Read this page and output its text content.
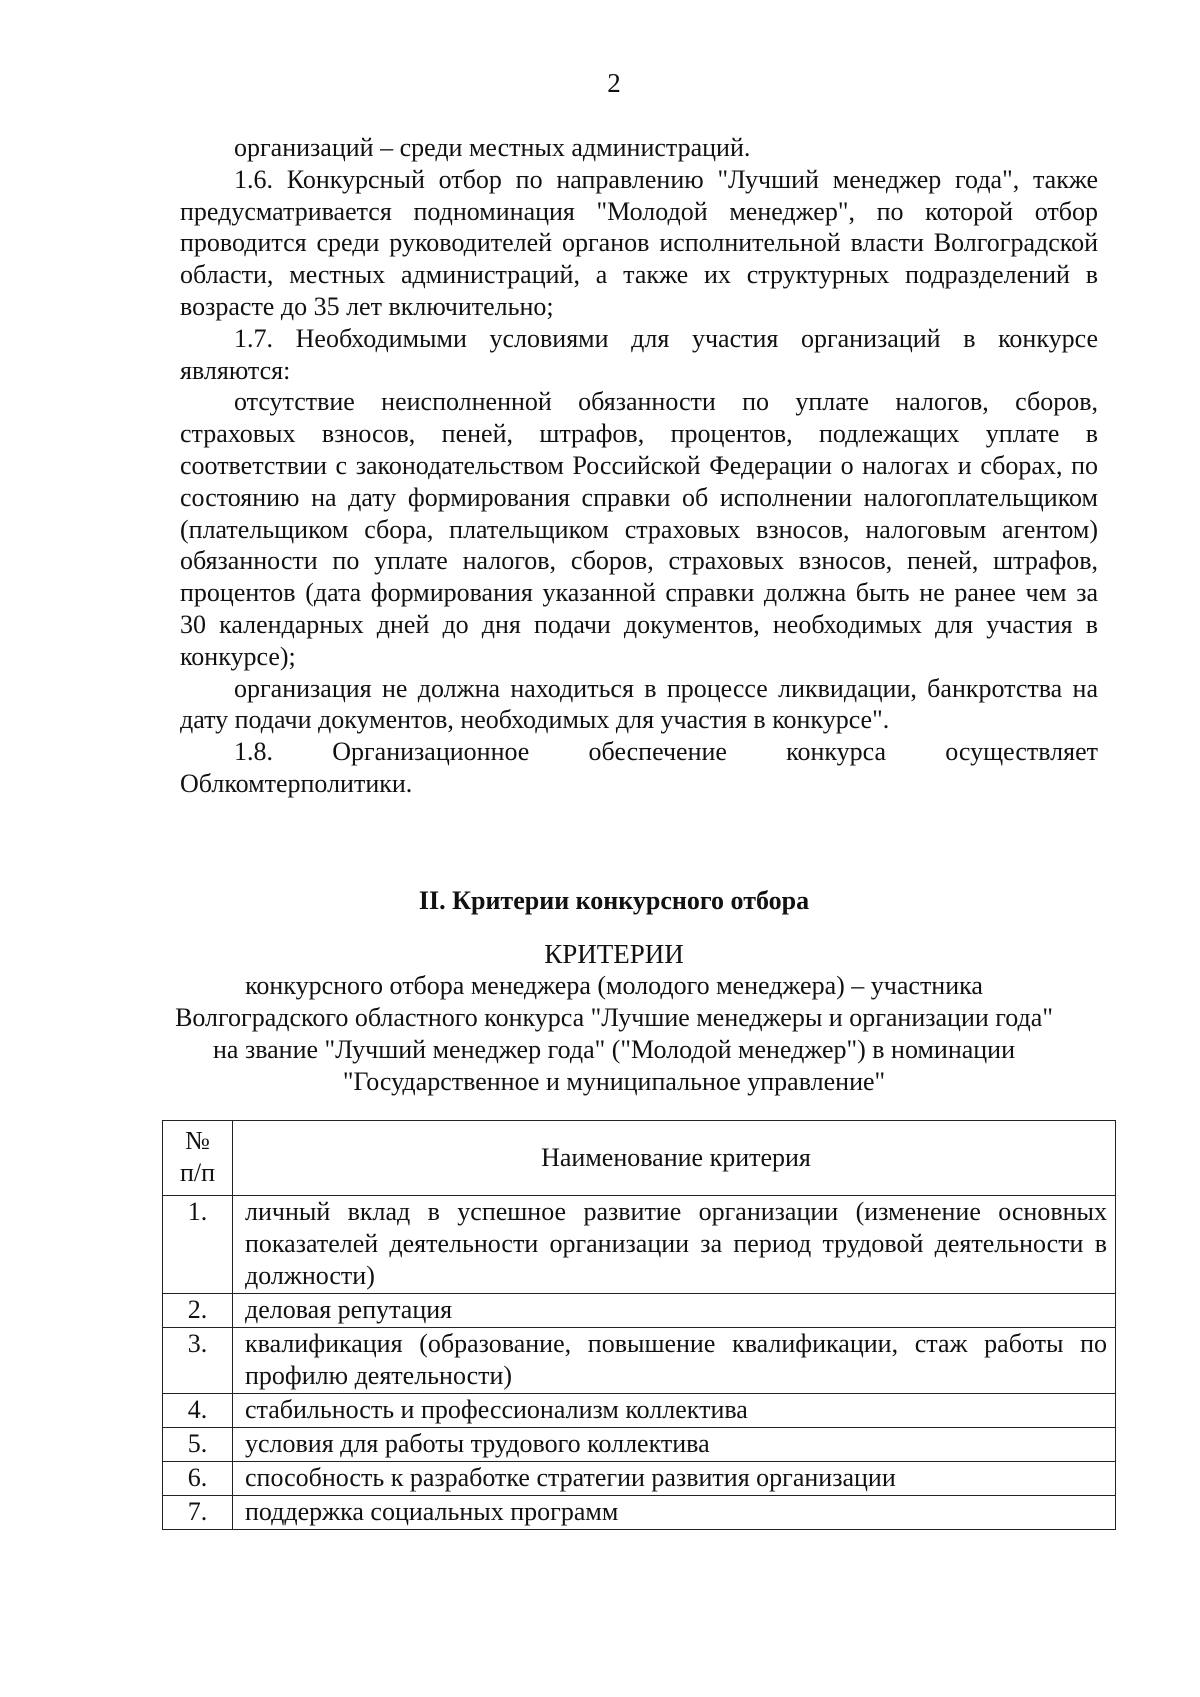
2

организаций – среди местных администраций.

1.6. Конкурсный отбор по направлению "Лучший менеджер года", также предусматривается подноминация "Молодой менеджер", по которой отбор проводится среди руководителей органов исполнительной власти Волгоградской области, местных администраций, а также их структурных подразделений в возрасте до 35 лет включительно;

1.7. Необходимыми условиями для участия организаций в конкурсе являются:

отсутствие неисполненной обязанности по уплате налогов, сборов, страховых взносов, пеней, штрафов, процентов, подлежащих уплате в соответствии с законодательством Российской Федерации о налогах и сборах, по состоянию на дату формирования справки об исполнении налогоплательщиком (плательщиком сбора, плательщиком страховых взносов, налоговым агентом) обязанности по уплате налогов, сборов, страховых взносов, пеней, штрафов, процентов (дата формирования указанной справки должна быть не ранее чем за 30 календарных дней до дня подачи документов, необходимых для участия в конкурсе);

организация не должна находиться в процессе ликвидации, банкротства на дату подачи документов, необходимых для участия в конкурсе".

1.8. Организационное обеспечение конкурса осуществляет Облкомтерполитики.

II. Критерии конкурсного отбора
КРИТЕРИИ
конкурсного отбора менеджера (молодого менеджера) – участника
Волгоградского областного конкурса "Лучшие менеджеры и организации года"
на звание "Лучший менеджер года" ("Молодой менеджер") в номинации
"Государственное и муниципальное управление"
№
п/п	Наименование критерия
1.	личный вклад в успешное развитие организации (изменение основных показателей деятельности организации за период трудовой деятельности в должности)
2.	деловая репутация
3.	квалификация (образование, повышение квалификации, стаж работы по профилю деятельности)
4.	стабильность и профессионализм коллектива
5.	условия для работы трудового коллектива
6.	способность к разработке стратегии развития организации
7.	поддержка социальных программ
